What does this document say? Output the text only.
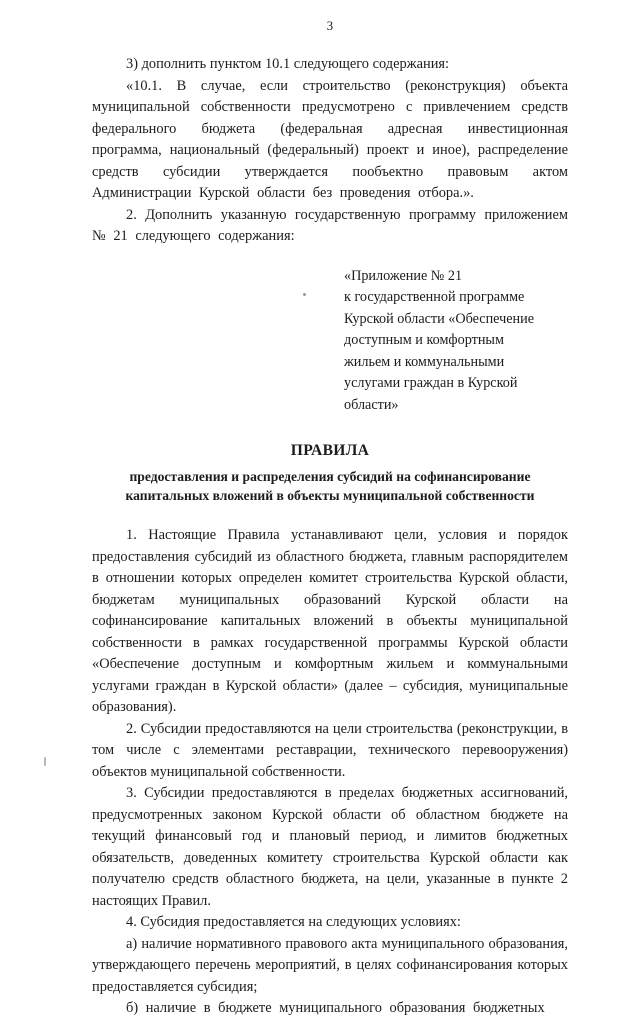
3

3) дополнить пунктом 10.1 следующего содержания:

«10.1. В случае, если строительство (реконструкция) объекта муниципальной собственности предусмотрено с привлечением средств федерального бюджета (федеральная адресная инвестиционная программа, национальный (федеральный) проект и иное), распределение средств субсидии утверждается пообъектно правовым актом Администрации Курской области без проведения отбора.».

2. Дополнить указанную государственную программу приложением № 21 следующего содержания:

«Приложение № 21

к государственной программе

Курской области «Обеспечение

доступным и комфортным

жильем и коммунальными

услугами граждан в Курской

области»

ПРАВИЛА
предоставления и распределения субсидий на софинансирование
капитальных вложений в объекты муниципальной собственности

1. Настоящие Правила устанавливают цели, условия и порядок предоставления субсидий из областного бюджета, главным распорядителем в отношении которых определен комитет строительства Курской области, бюджетам муниципальных образований Курской области на софинансирование капитальных вложений в объекты муниципальной собственности в рамках государственной программы Курской области «Обеспечение доступным и комфортным жильем и коммунальными услугами граждан в Курской области» (далее – субсидия, муниципальные образования).

2. Субсидии предоставляются на цели строительства (реконструкции, в том числе с элементами реставрации, технического перевооружения) объектов муниципальной собственности.

3. Субсидии предоставляются в пределах бюджетных ассигнований, предусмотренных законом Курской области об областном бюджете на текущий финансовый год и плановый период, и лимитов бюджетных обязательств, доведенных комитету строительства Курской области как получателю средств областного бюджета, на цели, указанные в пункте 2 настоящих Правил.

4. Субсидия предоставляется на следующих условиях:

а) наличие нормативного правового акта муниципального образования, утверждающего перечень мероприятий, в целях софинансирования которых предоставляется субсидия;

б) наличие в бюджете муниципального образования бюджетных
